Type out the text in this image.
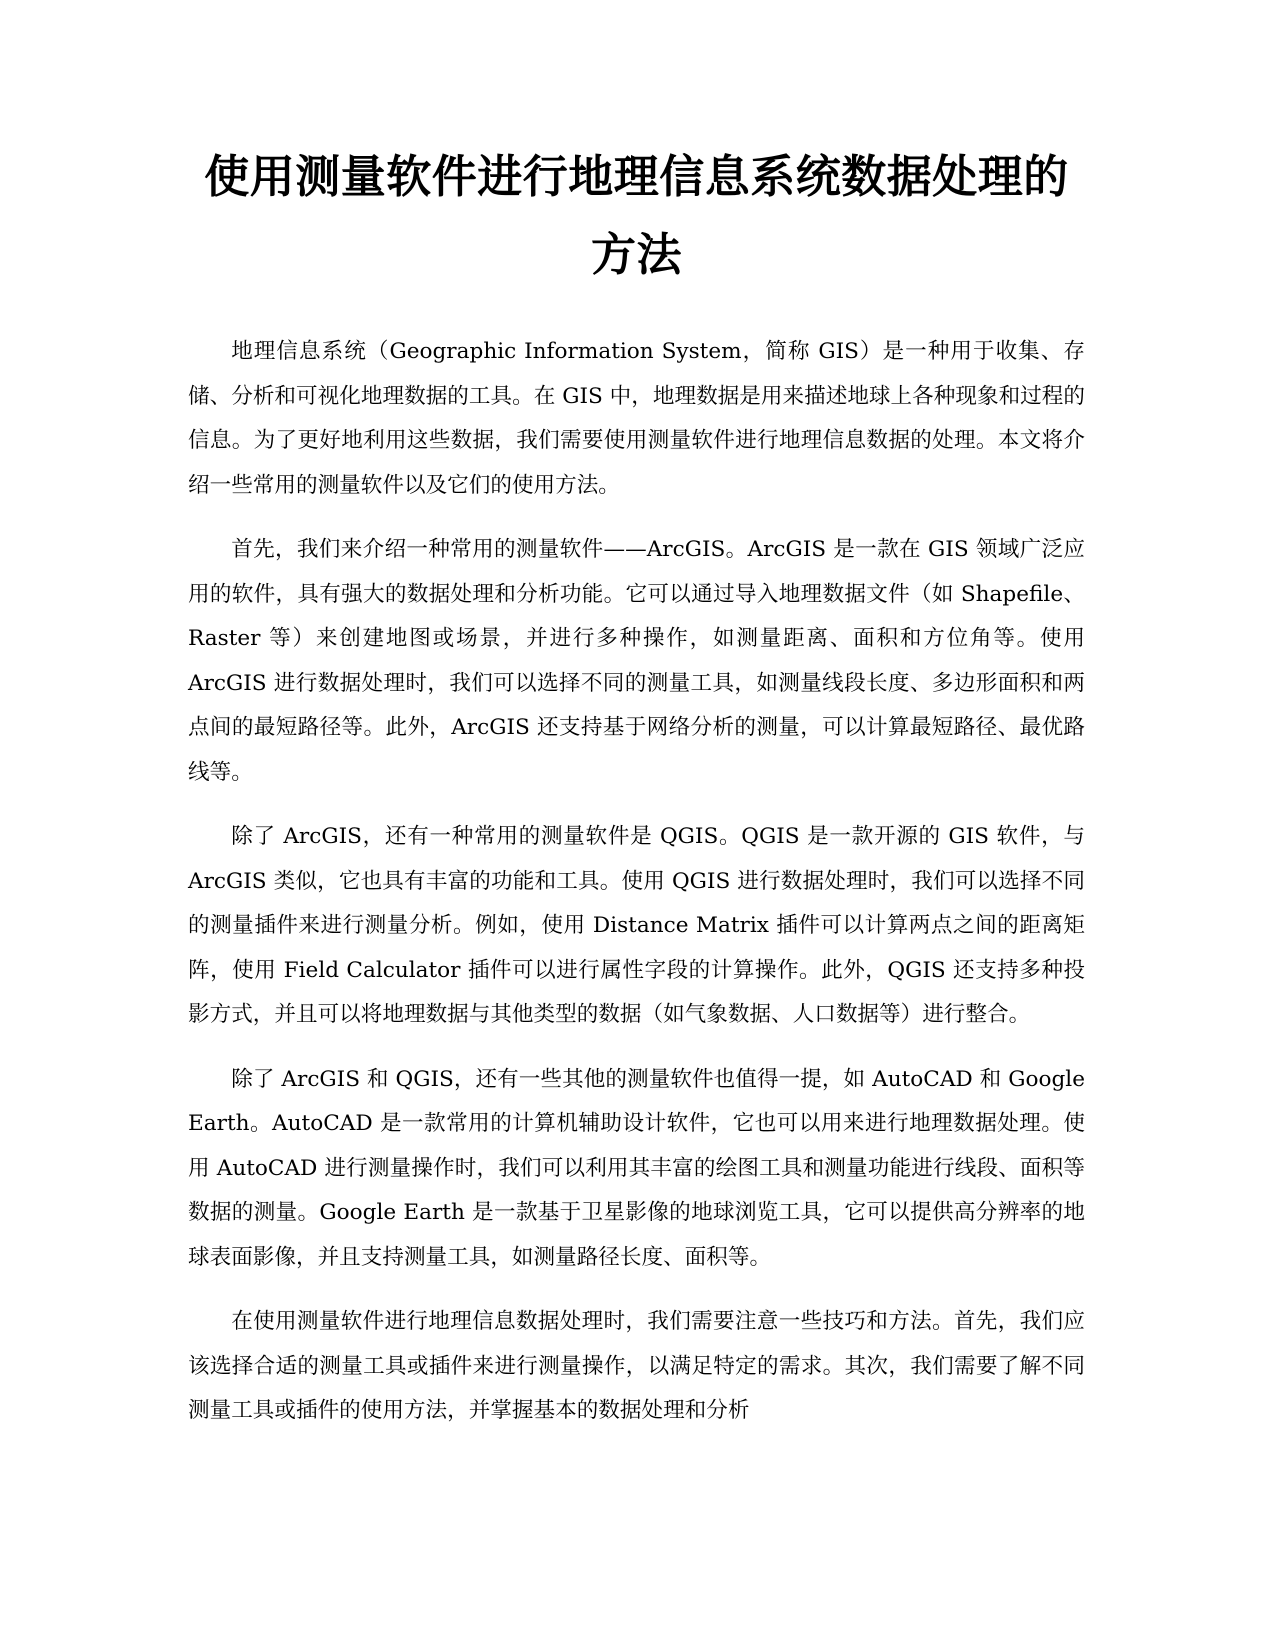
使用测量软件进行地理信息系统数据处理的方法

地理信息系统（Geographic Information System，简称 GIS）是一种用于收集、存储、分析和可视化地理数据的工具。在 GIS 中，地理数据是用来描述地球上各种现象和过程的信息。为了更好地利用这些数据，我们需要使用测量软件进行地理信息数据的处理。本文将介绍一些常用的测量软件以及它们的使用方法。

首先，我们来介绍一种常用的测量软件——ArcGIS。ArcGIS 是一款在 GIS 领域广泛应用的软件，具有强大的数据处理和分析功能。它可以通过导入地理数据文件（如 Shapefile、Raster 等）来创建地图或场景，并进行多种操作，如测量距离、面积和方位角等。使用 ArcGIS 进行数据处理时，我们可以选择不同的测量工具，如测量线段长度、多边形面积和两点间的最短路径等。此外，ArcGIS 还支持基于网络分析的测量，可以计算最短路径、最优路线等。

除了 ArcGIS，还有一种常用的测量软件是 QGIS。QGIS 是一款开源的 GIS 软件，与 ArcGIS 类似，它也具有丰富的功能和工具。使用 QGIS 进行数据处理时，我们可以选择不同的测量插件来进行测量分析。例如，使用 Distance Matrix 插件可以计算两点之间的距离矩阵，使用 Field Calculator 插件可以进行属性字段的计算操作。此外，QGIS 还支持多种投影方式，并且可以将地理数据与其他类型的数据（如气象数据、人口数据等）进行整合。

除了 ArcGIS 和 QGIS，还有一些其他的测量软件也值得一提，如 AutoCAD 和 Google Earth。AutoCAD 是一款常用的计算机辅助设计软件，它也可以用来进行地理数据处理。使用 AutoCAD 进行测量操作时，我们可以利用其丰富的绘图工具和测量功能进行线段、面积等数据的测量。Google Earth 是一款基于卫星影像的地球浏览工具，它可以提供高分辨率的地球表面影像，并且支持测量工具，如测量路径长度、面积等。

在使用测量软件进行地理信息数据处理时，我们需要注意一些技巧和方法。首先，我们应该选择合适的测量工具或插件来进行测量操作，以满足特定的需求。其次，我们需要了解不同测量工具或插件的使用方法，并掌握基本的数据处理和分析
